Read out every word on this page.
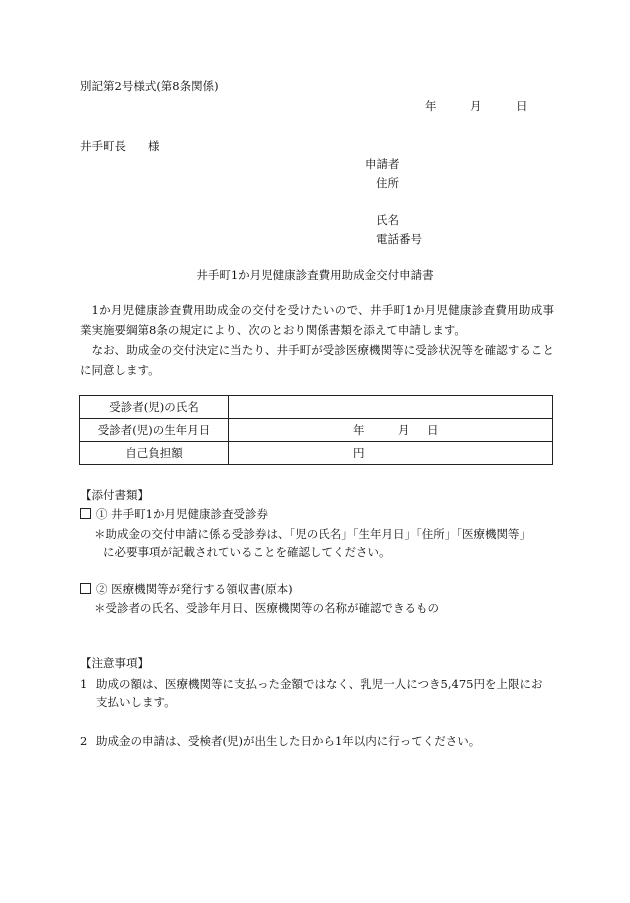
別記第2号様式(第8条関係)
年	月	日
井手町長 様
申請者
住所
氏名
電話番号
井手町1か月児健康診査費用助成金交付申請書
1か月児健康診査費用助成金の交付を受けたいので、井手町1か月児健康診査費用助成事業実施要綱第8条の規定により、次のとおり関係書類を添えて申請します。
なお、助成金の交付決定に当たり、井手町が受診医療機関等に受診状況等を確認することに同意します。
受診者(児)の氏名	
受診者(児)の生年月日	年 月 日

自己負担額	円
【添付書類】
① 井手町1か月児健康診査受診券
＊助成金の交付申請に係る受診券は、「児の氏名」「生年月日」「住所」「医療機関等」
に必要事項が記載されていることを確認してください。
② 医療機関等が発行する領収書(原本)
＊受診者の氏名、受診年月日、医療機関等の名称が確認できるもの
【注意事項】
1 助成の額は、医療機関等に支払った金額ではなく、乳児一人につき5,475円を上限にお
支払いします。
2 助成金の申請は、受検者(児)が出生した日から1年以内に行ってください。
